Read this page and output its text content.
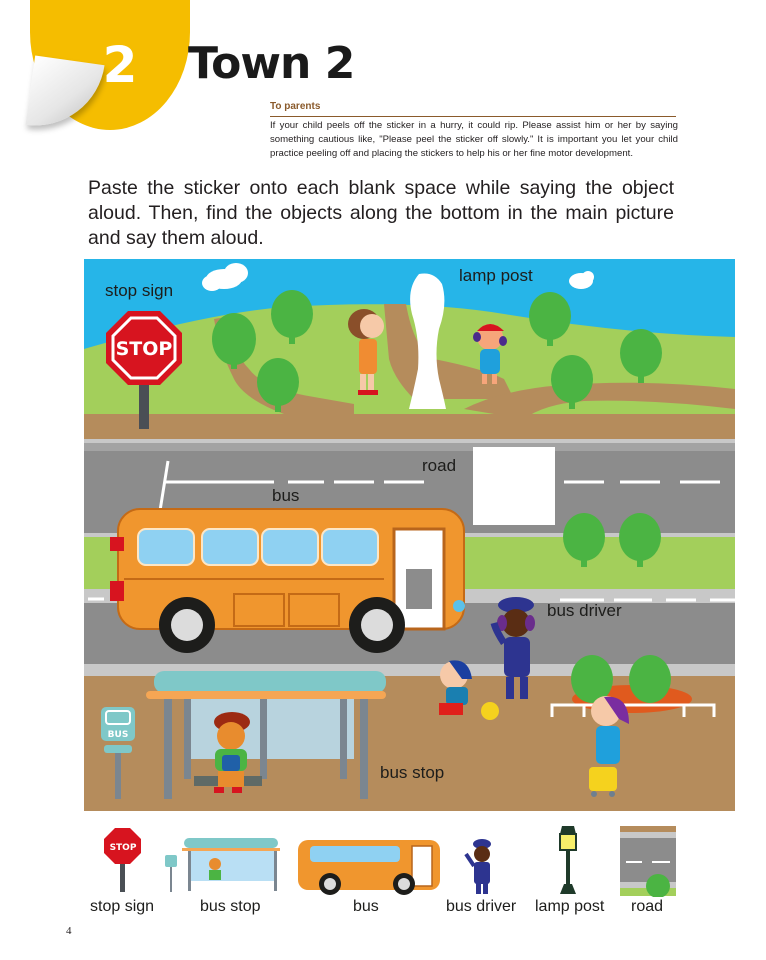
2 Town 2
To parents
If your child peels off the sticker in a hurry, it could rip. Please assist him or her by saying something cautious like, "Please peel the sticker off slowly." It is important you let your child practice peeling off and placing the stickers to help his or her fine motor development.
Paste the sticker onto each blank space while saying the object aloud. Then, find the objects along the bottom in the main picture and say them aloud.
STOP
BUS
stop sign
lamp post
road
bus
bus driver
bus stop
STOP
stop sign	bus stop	bus	bus driver lamp post road
4
